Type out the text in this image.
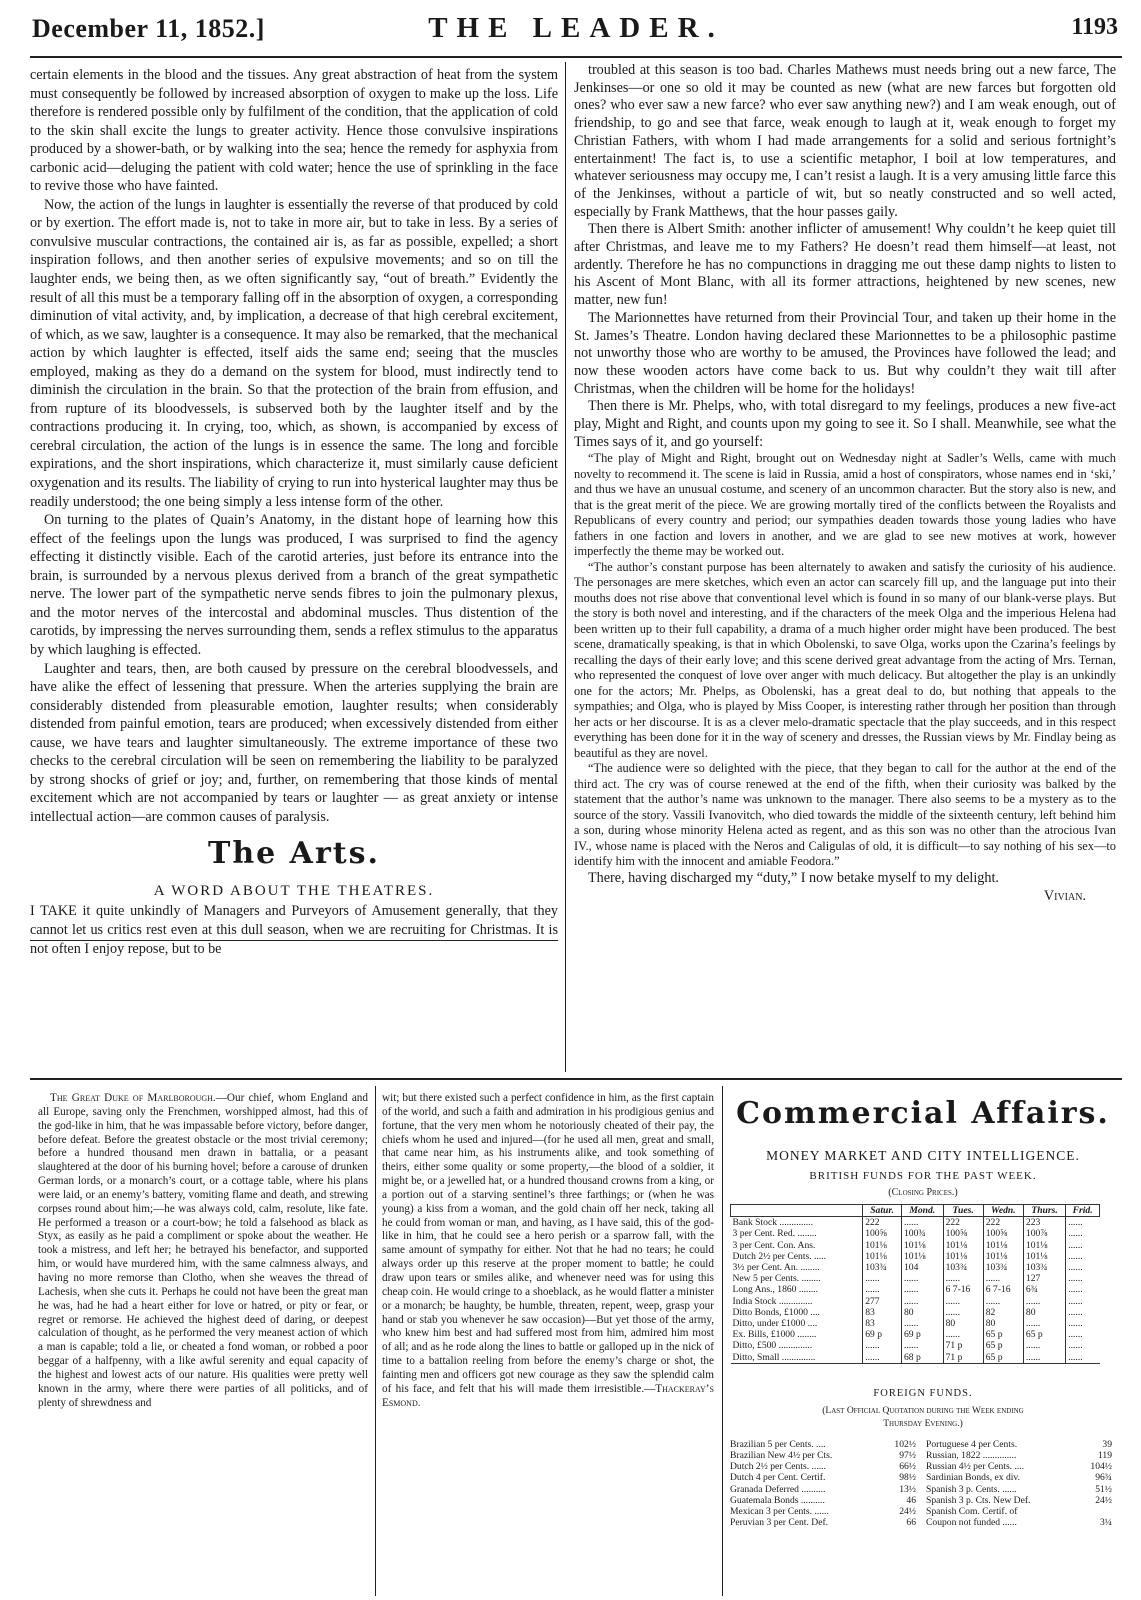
December 11, 1852.]	THE LEADER.	1193

certain elements in the blood and the tissues. Any great abstraction of heat from the system must consequently be followed by increased absorption of oxygen to make up the loss. Life therefore is rendered possible only by fulfilment of the condition, that the application of cold to the skin shall excite the lungs to greater activity. Hence those convulsive inspirations produced by a shower-bath, or by walking into the sea; hence the remedy for asphyxia from carbonic acid—deluging the patient with cold water; hence the use of sprinkling in the face to revive those who have fainted.

Now, the action of the lungs in laughter is essentially the reverse of that produced by cold or by exertion. The effort made is, not to take in more air, but to take in less. By a series of convulsive muscular contractions, the contained air is, as far as possible, expelled; a short inspiration follows, and then another series of expulsive movements; and so on till the laughter ends, we being then, as we often significantly say, “out of breath.” Evidently the result of all this must be a temporary falling off in the absorption of oxygen, a corresponding diminution of vital activity, and, by implication, a decrease of that high cerebral excitement, of which, as we saw, laughter is a consequence. It may also be remarked, that the mechanical action by which laughter is effected, itself aids the same end; seeing that the muscles employed, making as they do a demand on the system for blood, must indirectly tend to diminish the circulation in the brain. So that the protection of the brain from effusion, and from rupture of its bloodvessels, is subserved both by the laughter itself and by the contractions producing it. In crying, too, which, as shown, is accompanied by excess of cerebral circulation, the action of the lungs is in essence the same. The long and forcible expirations, and the short inspirations, which characterize it, must similarly cause deficient oxygenation and its results. The liability of crying to run into hysterical laughter may thus be readily understood; the one being simply a less intense form of the other.

On turning to the plates of Quain’s Anatomy, in the distant hope of learning how this effect of the feelings upon the lungs was produced, I was surprised to find the agency effecting it distinctly visible. Each of the carotid arteries, just before its entrance into the brain, is surrounded by a nervous plexus derived from a branch of the great sympathetic nerve. The lower part of the sympathetic nerve sends fibres to join the pulmonary plexus, and the motor nerves of the intercostal and abdominal muscles. Thus distention of the carotids, by impressing the nerves surrounding them, sends a reflex stimulus to the apparatus by which laughing is effected.

Laughter and tears, then, are both caused by pressure on the cerebral bloodvessels, and have alike the effect of lessening that pressure. When the arteries supplying the brain are considerably distended from pleasurable emotion, laughter results; when considerably distended from painful emotion, tears are produced; when excessively distended from either cause, we have tears and laughter simultaneously. The extreme importance of these two checks to the cerebral circulation will be seen on remembering the liability to be paralyzed by strong shocks of grief or joy; and, further, on remembering that those kinds of mental excitement which are not accompanied by tears or laughter — as great anxiety or intense intellectual action—are common causes of paralysis.

The Arts.
A WORD ABOUT THE THEATRES.

I TAKE it quite unkindly of Managers and Purveyors of Amusement generally, that they cannot let us critics rest even at this dull season, when we are recruiting for Christmas. It is not often I enjoy repose, but to be

troubled at this season is too bad. Charles Mathews must needs bring out a new farce, The Jenkinses—or one so old it may be counted as new (what are new farces but forgotten old ones? who ever saw a new farce? who ever saw anything new?) and I am weak enough, out of friendship, to go and see that farce, weak enough to laugh at it, weak enough to forget my Christian Fathers, with whom I had made arrangements for a solid and serious fortnight’s entertainment! The fact is, to use a scientific metaphor, I boil at low temperatures, and whatever seriousness may occupy me, I can’t resist a laugh. It is a very amusing little farce this of the Jenkinses, without a particle of wit, but so neatly constructed and so well acted, especially by Frank Matthews, that the hour passes gaily.

Then there is Albert Smith: another inflicter of amusement! Why couldn’t he keep quiet till after Christmas, and leave me to my Fathers? He doesn’t read them himself—at least, not ardently. Therefore he has no compunctions in dragging me out these damp nights to listen to his Ascent of Mont Blanc, with all its former attractions, heightened by new scenes, new matter, new fun!

The Marionnettes have returned from their Provincial Tour, and taken up their home in the St. James’s Theatre. London having declared these Marionnettes to be a philosophic pastime not unworthy those who are worthy to be amused, the Provinces have followed the lead; and now these wooden actors have come back to us. But why couldn’t they wait till after Christmas, when the children will be home for the holidays!

Then there is Mr. Phelps, who, with total disregard to my feelings, produces a new five-act play, Might and Right, and counts upon my going to see it. So I shall. Meanwhile, see what the Times says of it, and go yourself:

“The play of Might and Right, brought out on Wednesday night at Sadler’s Wells, came with much novelty to recommend it. The scene is laid in Russia, amid a host of conspirators, whose names end in ‘ski,’ and thus we have an unusual costume, and scenery of an uncommon character. But the story also is new, and that is the great merit of the piece. We are growing mortally tired of the conflicts between the Royalists and Republicans of every country and period; our sympathies deaden towards those young ladies who have fathers in one faction and lovers in another, and we are glad to see new motives at work, however imperfectly the theme may be worked out.

“The author’s constant purpose has been alternately to awaken and satisfy the curiosity of his audience. The personages are mere sketches, which even an actor can scarcely fill up, and the language put into their mouths does not rise above that conventional level which is found in so many of our blank-verse plays. But the story is both novel and interesting, and if the characters of the meek Olga and the imperious Helena had been written up to their full capability, a drama of a much higher order might have been produced. The best scene, dramatically speaking, is that in which Obolenski, to save Olga, works upon the Czarina’s feelings by recalling the days of their early love; and this scene derived great advantage from the acting of Mrs. Ternan, who represented the conquest of love over anger with much delicacy. But altogether the play is an unkindly one for the actors; Mr. Phelps, as Obolenski, has a great deal to do, but nothing that appeals to the sympathies; and Olga, who is played by Miss Cooper, is interesting rather through her position than through her acts or her discourse. It is as a clever melo-dramatic spectacle that the play succeeds, and in this respect everything has been done for it in the way of scenery and dresses, the Russian views by Mr. Findlay being as beautiful as they are novel.

“The audience were so delighted with the piece, that they began to call for the author at the end of the third act. The cry was of course renewed at the end of the fifth, when their curiosity was balked by the statement that the author’s name was unknown to the manager. There also seems to be a mystery as to the source of the story. Vassili Ivanovitch, who died towards the middle of the sixteenth century, left behind him a son, during whose minority Helena acted as regent, and as this son was no other than the atrocious Ivan IV., whose name is placed with the Neros and Caligulas of old, it is difficult—to say nothing of his sex—to identify him with the innocent and amiable Feodora.”

There, having discharged my “duty,” I now betake myself to my delight.

Vivian.

The Great Duke of Marlborough.—Our chief, whom England and all Europe, saving only the Frenchmen, worshipped almost, had this of the god-like in him, that he was impassable before victory, before danger, before defeat. Before the greatest obstacle or the most trivial ceremony; before a hundred thousand men drawn in battalia, or a peasant slaughtered at the door of his burning hovel; before a carouse of drunken German lords, or a monarch’s court, or a cottage table, where his plans were laid, or an enemy’s battery, vomiting flame and death, and strewing corpses round about him;—he was always cold, calm, resolute, like fate. He performed a treason or a court-bow; he told a falsehood as black as Styx, as easily as he paid a compliment or spoke about the weather. He took a mistress, and left her; he betrayed his benefactor, and supported him, or would have murdered him, with the same calmness always, and having no more remorse than Clotho, when she weaves the thread of Lachesis, when she cuts it. Perhaps he could not have been the great man he was, had he had a heart either for love or hatred, or pity or fear, or regret or remorse. He achieved the highest deed of daring, or deepest calculation of thought, as he performed the very meanest action of which a man is capable; told a lie, or cheated a fond woman, or robbed a poor beggar of a halfpenny, with a like awful serenity and equal capacity of the highest and lowest acts of our nature. His qualities were pretty well known in the army, where there were parties of all politicks, and of plenty of shrewdness and

wit; but there existed such a perfect confidence in him, as the first captain of the world, and such a faith and admiration in his prodigious genius and fortune, that the very men whom he notoriously cheated of their pay, the chiefs whom he used and injured—(for he used all men, great and small, that came near him, as his instruments alike, and took something of theirs, either some quality or some property,—the blood of a soldier, it might be, or a jewelled hat, or a hundred thousand crowns from a king, or a portion out of a starving sentinel’s three farthings; or (when he was young) a kiss from a woman, and the gold chain off her neck, taking all he could from woman or man, and having, as I have said, this of the god-like in him, that he could see a hero perish or a sparrow fall, with the same amount of sympathy for either. Not that he had no tears; he could always order up this reserve at the proper moment to battle; he could draw upon tears or smiles alike, and whenever need was for using this cheap coin. He would cringe to a shoeblack, as he would flatter a minister or a monarch; be haughty, be humble, threaten, repent, weep, grasp your hand or stab you whenever he saw occasion)—But yet those of the army, who knew him best and had suffered most from him, admired him most of all; and as he rode along the lines to battle or galloped up in the nick of time to a battalion reeling from before the enemy’s charge or shot, the fainting men and officers got new courage as they saw the splendid calm of his face, and felt that his will made them irresistible.—Thackeray’s Esmond.

Commercial Affairs.
MONEY MARKET AND CITY INTELLIGENCE.
BRITISH FUNDS FOR THE PAST WEEK.
(Closing Prices.)
	Satur.	Mond.	Tues.	Wedn.	Thurs.	Frid.
Bank Stock ..............	222	......	222	222	223	......
3 per Cent. Red. ........	100⅝	100¾	100⅝	100⅝	100⅞	......
3 per Cent. Con. Ans.	101⅛	101⅛	101⅛	101⅛	101⅛	......
Dutch 2½ per Cents. .....	101⅛	101⅛	101⅛	101⅛	101⅛	......
3½ per Cent. An. ........	103¾	104	103¾	103¾	103¾	......
New 5 per Cents. ........	......	......	......	......	127	......
Long Ans., 1860 ........	......	......	6 7-16	6 7-16	6¾	......
India Stock ..............	277	......	......	......	......	......
Ditto Bonds, £1000 ....	83	80	......	82	80	......
Ditto, under £1000 ....	83	......	80	80	......	......
Ex. Bills, £1000 ........	69 p	69 p	......	65 p	65 p	......
Ditto, £500 ..............	......	......	71 p	65 p	......	......
Ditto, Small ..............	......	68 p	71 p	65 p	......	......
FOREIGN FUNDS.
(Last Official Quotation during the Week ending
Thursday Evening.)
Brazilian 5 per Cents. ....	102½
Brazilian New 4½ per Cts.	97½
Dutch 2½ per Cents. ......	66½
Dutch 4 per Cent. Certif.	98½
Granada Deferred ..........	13½
Guatemala Bonds ..........	46
Mexican 3 per Cents. ......	24½
Peruvian 3 per Cent. Def.	66
Portuguese 4 per Cents.	39
Russian, 1822 ..............	119
Russian 4½ per Cents. ....	104½
Sardinian Bonds, ex div.	96¾
Spanish 3 p. Cents. ......	51½
Spanish 3 p. Cts. New Def.	24½
Spanish Com. Certif. of
Coupon not funded ......	3¼
